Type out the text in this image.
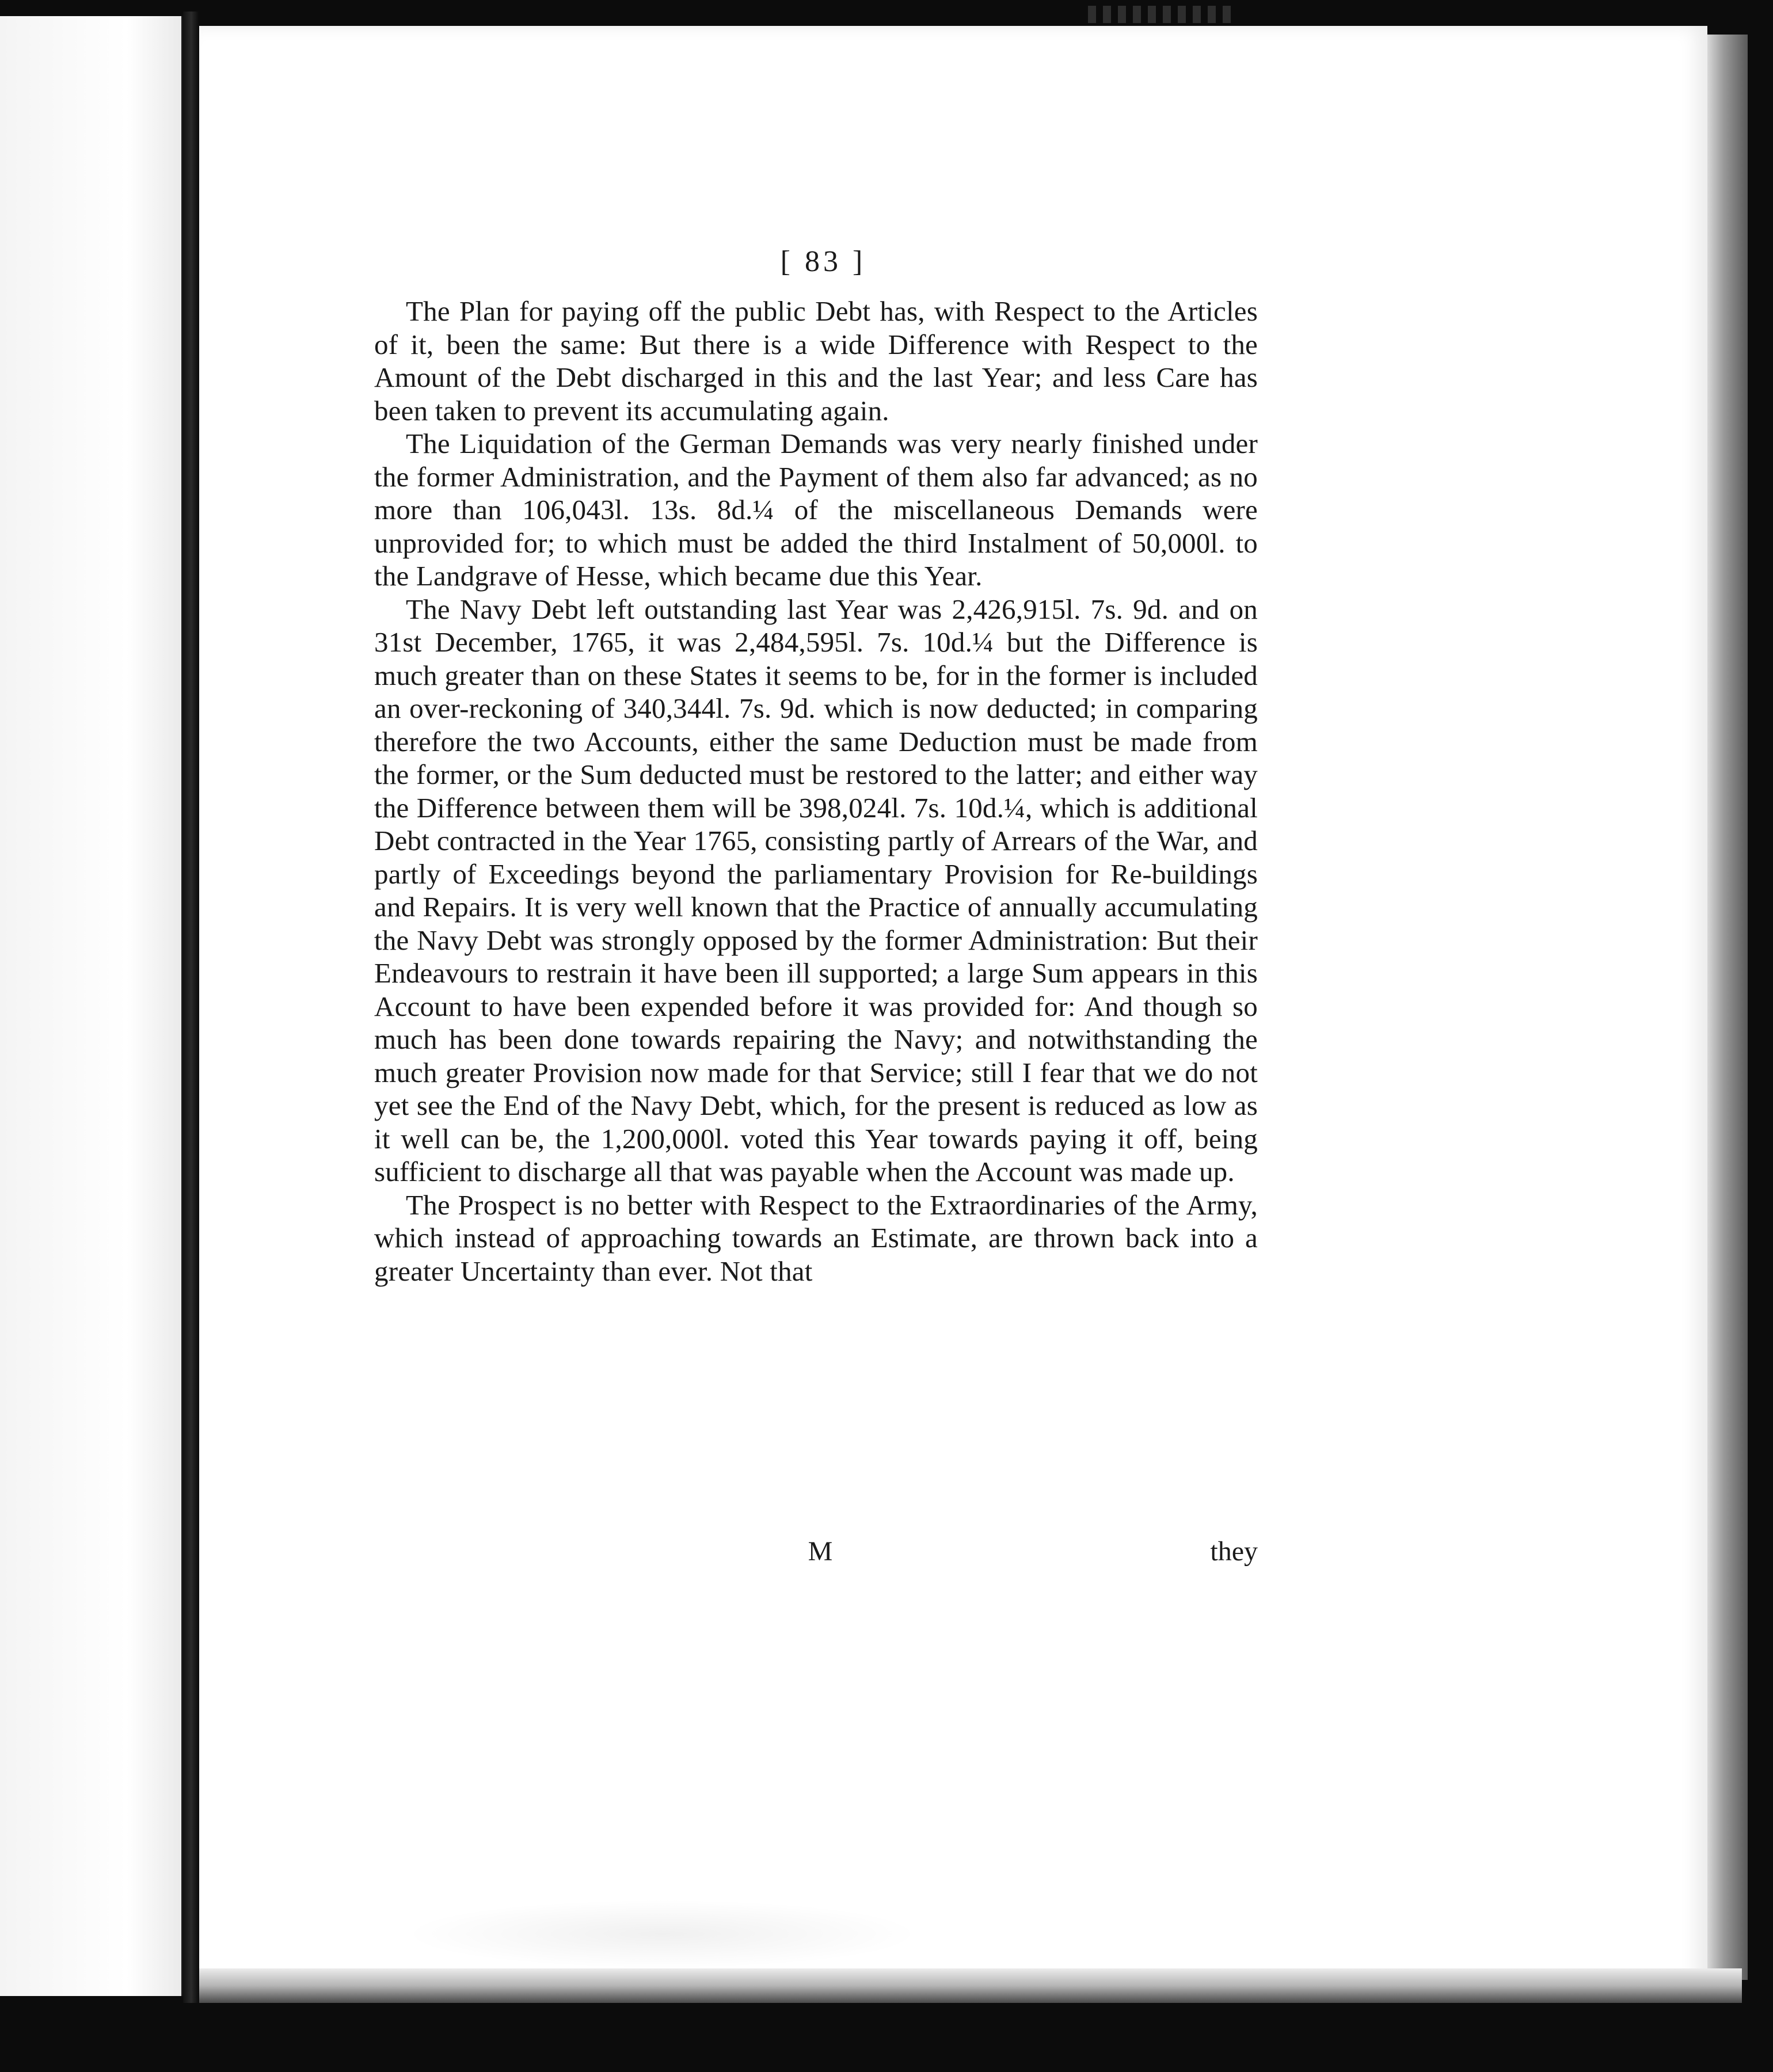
[ 83 ]

The Plan for paying off the public Debt has, with Respect to the Articles of it, been the same: But there is a wide Difference with Respect to the Amount of the Debt discharged in this and the last Year; and less Care has been taken to prevent its accumulating again.

The Liquidation of the German Demands was very nearly finished under the former Administration, and the Payment of them also far advanced; as no more than 106,043l. 13s. 8d.¼ of the miscellaneous Demands were unprovided for; to which must be added the third Instalment of 50,000l. to the Landgrave of Hesse, which became due this Year.

The Navy Debt left outstanding last Year was 2,426,915l. 7s. 9d. and on 31st December, 1765, it was 2,484,595l. 7s. 10d.¼ but the Difference is much greater than on these States it seems to be, for in the former is included an over-reckoning of 340,344l. 7s. 9d. which is now deducted; in comparing therefore the two Accounts, either the same Deduction must be made from the former, or the Sum deducted must be restored to the latter; and either way the Difference between them will be 398,024l. 7s. 10d.¼, which is additional Debt contracted in the Year 1765, consisting partly of Arrears of the War, and partly of Exceedings beyond the parliamentary Provision for Re-buildings and Repairs. It is very well known that the Practice of annually accumulating the Navy Debt was strongly opposed by the former Administration: But their Endeavours to restrain it have been ill supported; a large Sum appears in this Account to have been expended before it was provided for: And though so much has been done towards repairing the Navy; and notwithstanding the much greater Provision now made for that Service; still I fear that we do not yet see the End of the Navy Debt, which, for the present is reduced as low as it well can be, the 1,200,000l. voted this Year towards paying it off, being sufficient to discharge all that was payable when the Account was made up.

The Prospect is no better with Respect to the Extraordinaries of the Army, which instead of approaching towards an Estimate, are thrown back into a greater Uncertainty than ever. Not that

M	they
